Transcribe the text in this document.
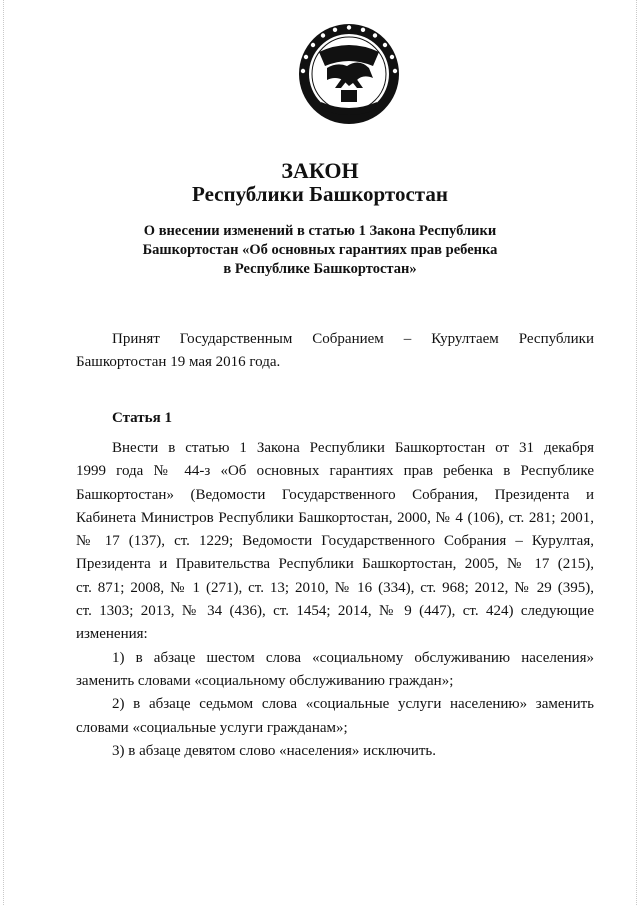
ЗАКОН
Республики Башкортостан
О внесении изменений в статью 1 Закона Республики
Башкортостан «Об основных гарантиях прав ребенка
в Республике Башкортостан»

Принят Государственным Собранием – Курултаем Республики

Башкортостан 19 мая 2016 года.

Статья 1

Внести в статью 1 Закона Республики Башкортостан от 31 декабря

1999 года № 44-з «Об основных гарантиях прав ребенка в Республике

Башкортостан» (Ведомости Государственного Собрания, Президента и

Кабинета Министров Республики Башкортостан, 2000, № 4 (106), ст. 281; 2001,

№ 17 (137), ст. 1229; Ведомости Государственного Собрания – Курултая,

Президента и Правительства Республики Башкортостан, 2005, № 17 (215),

ст. 871; 2008, № 1 (271), ст. 13; 2010, № 16 (334), ст. 968; 2012, № 29 (395),

ст. 1303; 2013, № 34 (436), ст. 1454; 2014, № 9 (447), ст. 424) следующие

изменения:

1) в абзаце шестом слова «социальному обслуживанию населения»

заменить словами «социальному обслуживанию граждан»;

2) в абзаце седьмом слова «социальные услуги населению» заменить

словами «социальные услуги гражданам»;

3) в абзаце девятом слово «населения» исключить.
